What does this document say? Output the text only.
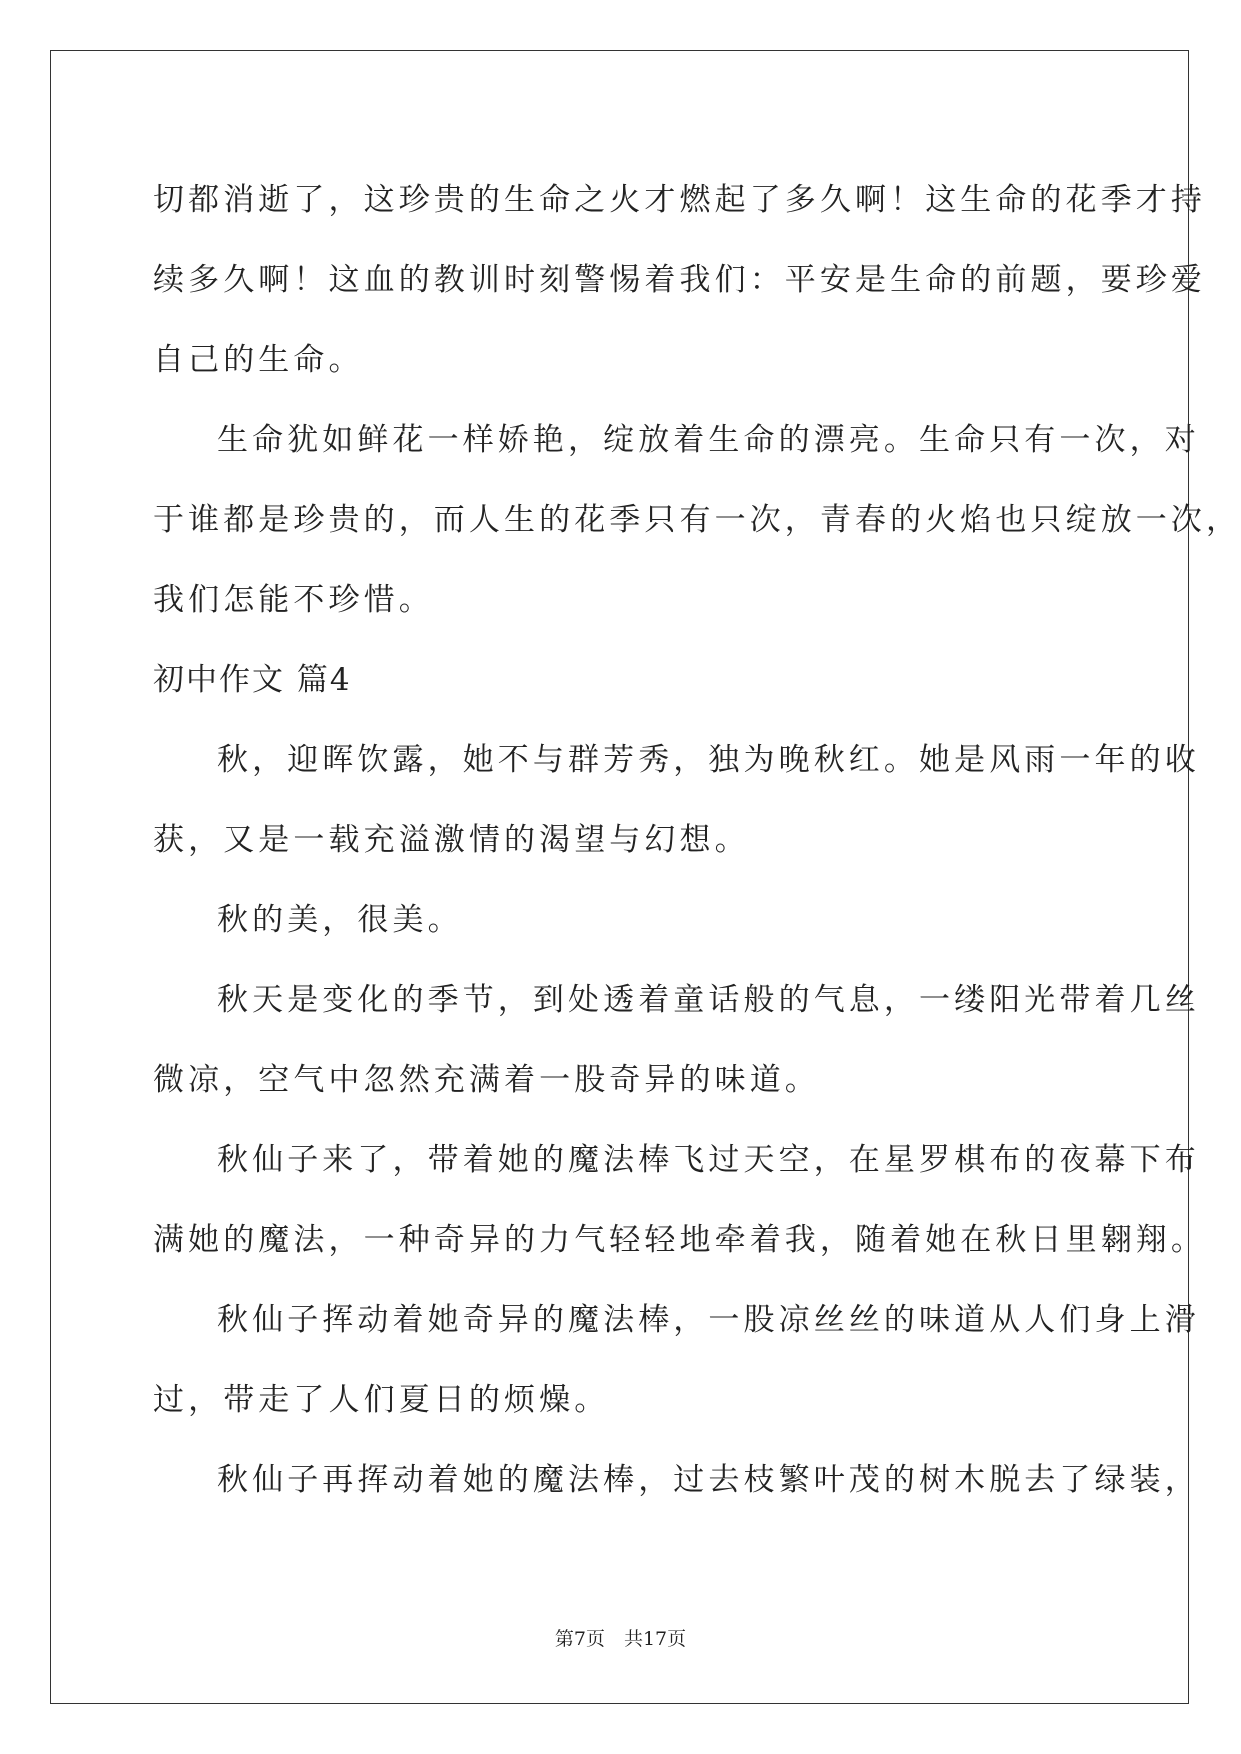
切都消逝了，这珍贵的生命之火才燃起了多久啊！这生命的花季才持
续多久啊！这血的教训时刻警惕着我们：平安是生命的前题，要珍爱
自己的生命。
生命犹如鲜花一样娇艳，绽放着生命的漂亮。生命只有一次，对
于谁都是珍贵的，而人生的花季只有一次，青春的火焰也只绽放一次，
我们怎能不珍惜。
初中作文 篇4
秋，迎晖饮露，她不与群芳秀，独为晚秋红。她是风雨一年的收
获，又是一载充溢激情的渴望与幻想。
秋的美，很美。
秋天是变化的季节，到处透着童话般的气息，一缕阳光带着几丝
微凉，空气中忽然充满着一股奇异的味道。
秋仙子来了，带着她的魔法棒飞过天空，在星罗棋布的夜幕下布
满她的魔法，一种奇异的力气轻轻地牵着我，随着她在秋日里翱翔。
秋仙子挥动着她奇异的魔法棒，一股凉丝丝的味道从人们身上滑
过，带走了人们夏日的烦燥。
秋仙子再挥动着她的魔法棒，过去枝繁叶茂的树木脱去了绿装，
第7页　共17页
